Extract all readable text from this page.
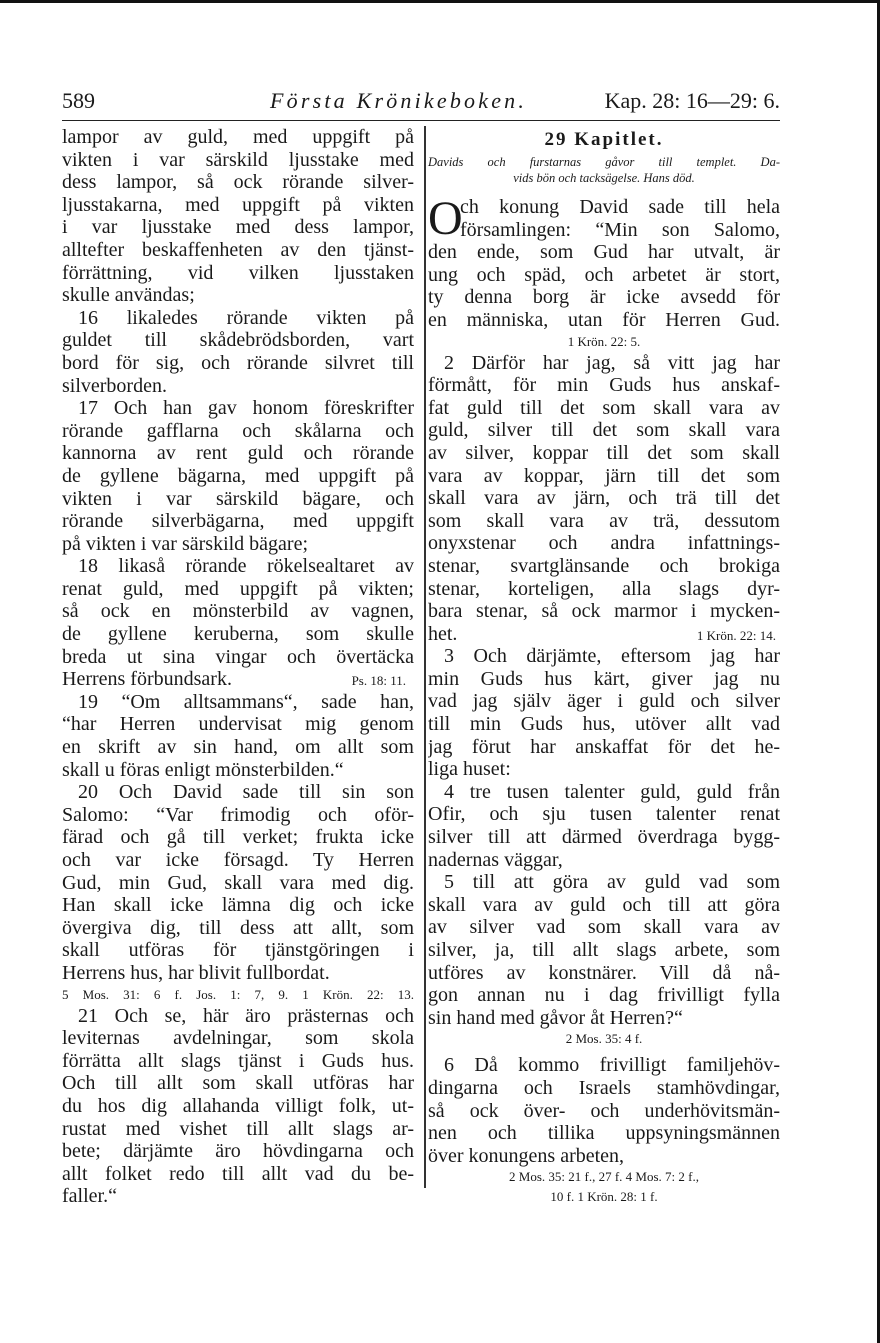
589	Första Krönikeboken.	Kap. 28: 16—29: 6.
lampor av guld, med uppgift på
vikten i var särskild ljusstake med
dess lampor, så ock rörande silver-
ljusstakarna, med uppgift på vikten
i var ljusstake med dess lampor,
alltefter beskaffenheten av den tjänst-
förrättning, vid vilken ljusstaken
skulle användas;
16 likaledes rörande vikten på
guldet till skådebrödsborden, vart
bord för sig, och rörande silvret till
silverborden.
17 Och han gav honom föreskrifter
rörande gafflarna och skålarna och
kannorna av rent guld och rörande
de gyllene bägarna, med uppgift på
vikten i var särskild bägare, och
rörande silverbägarna, med uppgift
på vikten i var särskild bägare;
18 likaså rörande rökelsealtaret av
renat guld, med uppgift på vikten;
så ock en mönsterbild av vagnen,
de gyllene keruberna, som skulle
breda ut sina vingar och övertäcka
Herrens förbundsark.	Ps. 18: 11.
19 “Om alltsammans“, sade han,
“har Herren undervisat mig genom
en skrift av sin hand, om allt som
skall u föras enligt mönsterbilden.“
20 Och David sade till sin son
Salomo: “Var frimodig och oför-
färad och gå till verket; frukta icke
och var icke försagd. Ty Herren
Gud, min Gud, skall vara med dig.
Han skall icke lämna dig och icke
övergiva dig, till dess att allt, som
skall utföras för tjänstgöringen i
Herrens hus, har blivit fullbordat.
5 Mos. 31: 6 f. Jos. 1: 7, 9. 1 Krön. 22: 13.
21 Och se, här äro prästernas och
leviternas avdelningar, som skola
förrätta allt slags tjänst i Guds hus.
Och till allt som skall utföras har
du hos dig allahanda villigt folk, ut-
rustat med vishet till allt slags ar-
bete; därjämte äro hövdingarna och
allt folket redo till allt vad du be-
faller.“
29 Kapitlet.
Davids och furstarnas gåvor till templet. Da-
vids bön och tacksägelse. Hans död.
O
ch konung David sade till hela
församlingen: “Min son Salomo,
den ende, som Gud har utvalt, är
ung och späd, och arbetet är stort,
ty denna borg är icke avsedd för
en människa, utan för Herren Gud.
1 Krön. 22: 5.
2 Därför har jag, så vitt jag har
förmått, för min Guds hus anskaf-
fat guld till det som skall vara av
guld, silver till det som skall vara
av silver, koppar till det som skall
vara av koppar, järn till det som
skall vara av järn, och trä till det
som skall vara av trä, dessutom
onyxstenar och andra infattnings-
stenar, svartglänsande och brokiga
stenar, korteligen, alla slags dyr-
bara stenar, så ock marmor i mycken-
het.	1 Krön. 22: 14.
3 Och därjämte, eftersom jag har
min Guds hus kärt, giver jag nu
vad jag själv äger i guld och silver
till min Guds hus, utöver allt vad
jag förut har anskaffat för det he-
liga huset:
4 tre tusen talenter guld, guld från
Ofir, och sju tusen talenter renat
silver till att därmed överdraga bygg-
nadernas väggar,
5 till att göra av guld vad som
skall vara av guld och till att göra
av silver vad som skall vara av
silver, ja, till allt slags arbete, som
utföres av konstnärer. Vill då nå-
gon annan nu i dag frivilligt fylla
sin hand med gåvor åt Herren?“
2 Mos. 35: 4 f.
6 Då kommo frivilligt familjehöv-
dingarna och Israels stamhövdingar,
så ock över- och underhövitsmän-
nen och tillika uppsyningsmännen
över konungens arbeten,
2 Mos. 35: 21 f., 27 f. 4 Mos. 7: 2 f.,
10 f. 1 Krön. 28: 1 f.
